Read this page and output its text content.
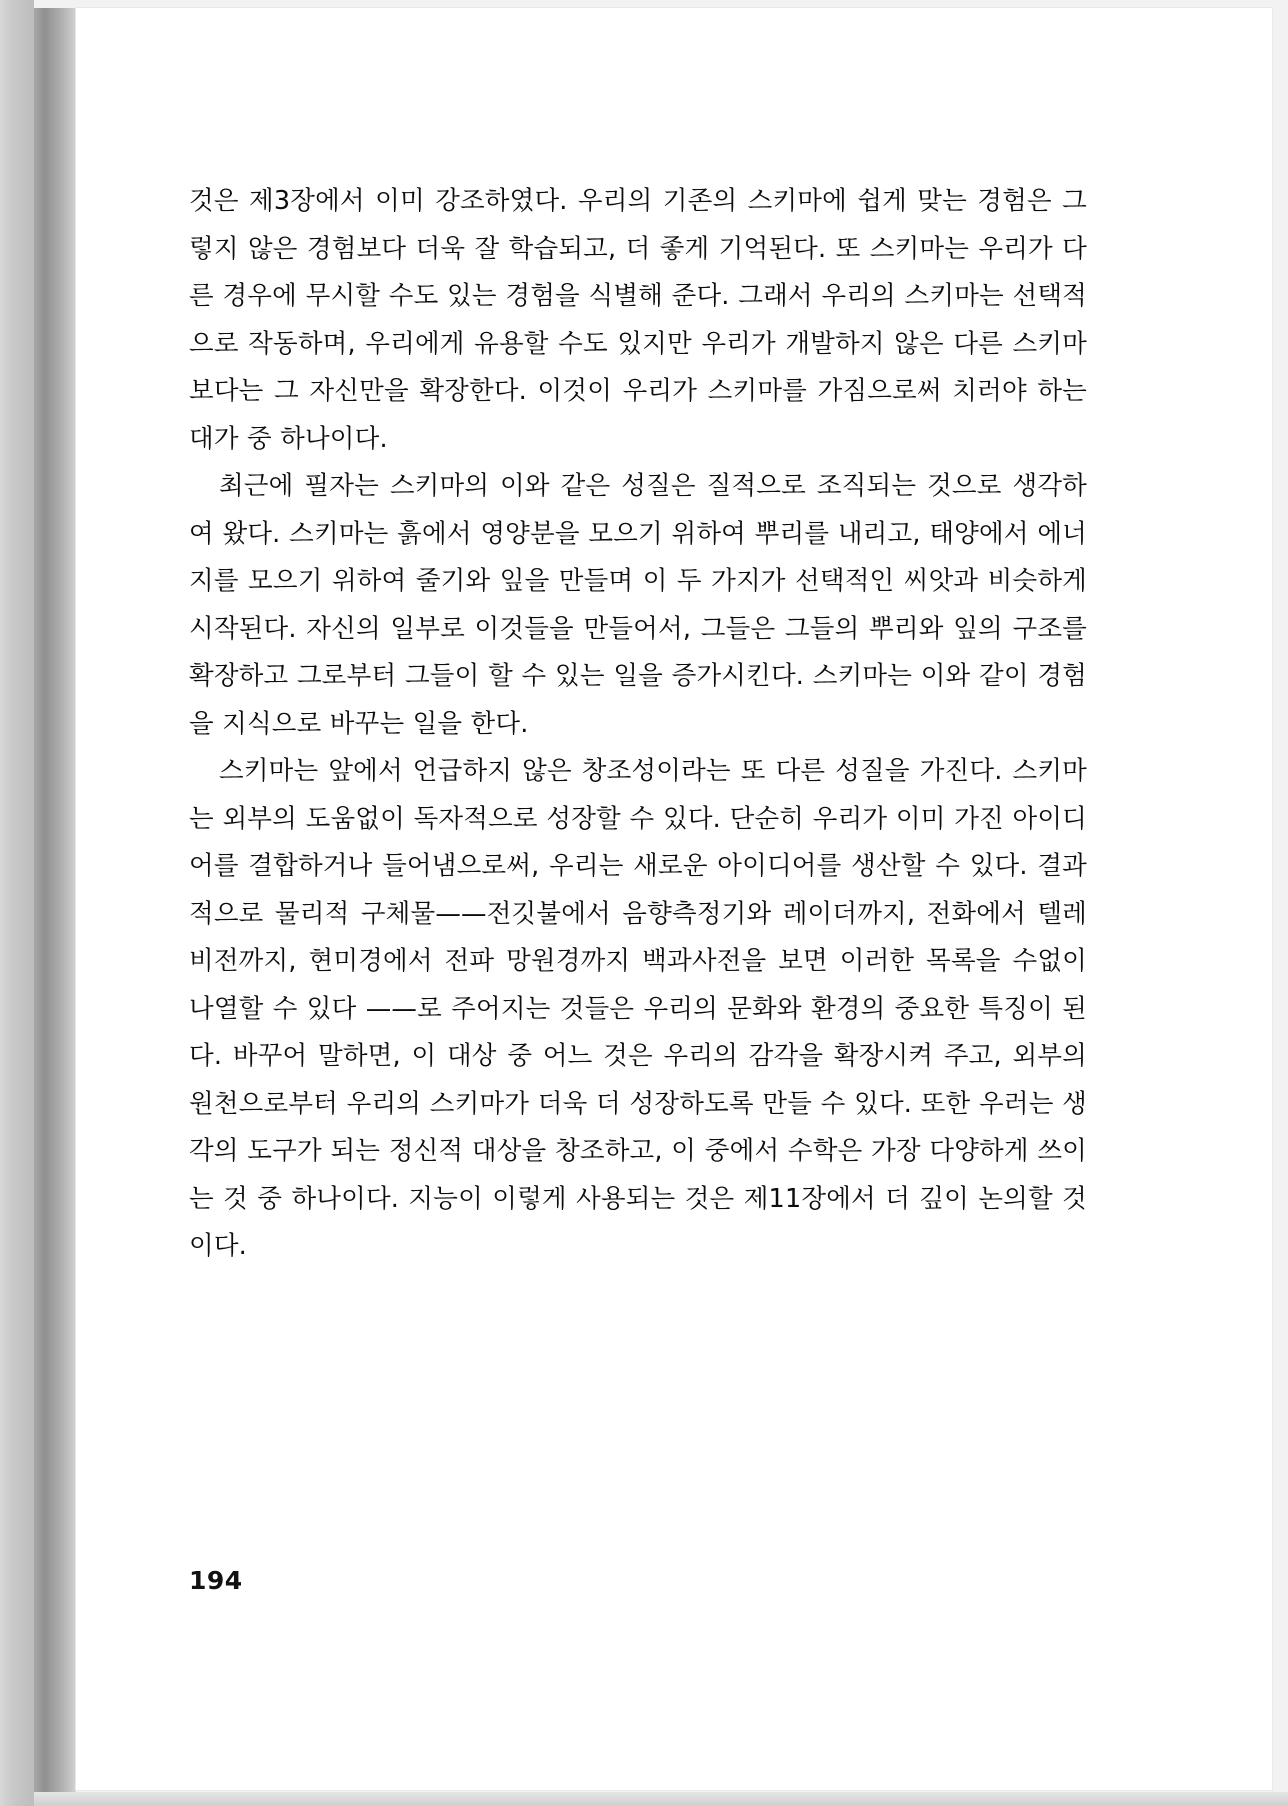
것은 제3장에서 이미 강조하였다. 우리의 기존의 스키마에 쉽게 맞는 경험은 그렇지 않은 경험보다 더욱 잘 학습되고, 더 좋게 기억된다. 또 스키마는 우리가 다른 경우에 무시할 수도 있는 경험을 식별해 준다. 그래서 우리의 스키마는 선택적으로 작동하며, 우리에게 유용할 수도 있지만 우리가 개발하지 않은 다른 스키마보다는 그 자신만을 확장한다. 이것이 우리가 스키마를 가짐으로써 치러야 하는 대가 중 하나이다.

최근에 필자는 스키마의 이와 같은 성질은 질적으로 조직되는 것으로 생각하여 왔다. 스키마는 흙에서 영양분을 모으기 위하여 뿌리를 내리고, 태양에서 에너지를 모으기 위하여 줄기와 잎을 만들며 이 두 가지가 선택적인 씨앗과 비슷하게 시작된다. 자신의 일부로 이것들을 만들어서, 그들은 그들의 뿌리와 잎의 구조를 확장하고 그로부터 그들이 할 수 있는 일을 증가시킨다. 스키마는 이와 같이 경험을 지식으로 바꾸는 일을 한다.

스키마는 앞에서 언급하지 않은 창조성이라는 또 다른 성질을 가진다. 스키마는 외부의 도움없이 독자적으로 성장할 수 있다. 단순히 우리가 이미 가진 아이디어를 결합하거나 들어냄으로써, 우리는 새로운 아이디어를 생산할 수 있다. 결과적으로 물리적 구체물——전깃불에서 음향측정기와 레이더까지, 전화에서 텔레비전까지, 현미경에서 전파 망원경까지 백과사전을 보면 이러한 목록을 수없이 나열할 수 있다 ——로 주어지는 것들은 우리의 문화와 환경의 중요한 특징이 된다. 바꾸어 말하면, 이 대상 중 어느 것은 우리의 감각을 확장시켜 주고, 외부의 원천으로부터 우리의 스키마가 더욱 더 성장하도록 만들 수 있다. 또한 우러는 생각의 도구가 되는 정신적 대상을 창조하고, 이 중에서 수학은 가장 다양하게 쓰이는 것 중 하나이다. 지능이 이렇게 사용되는 것은 제11장에서 더 깊이 논의할 것이다.

194
